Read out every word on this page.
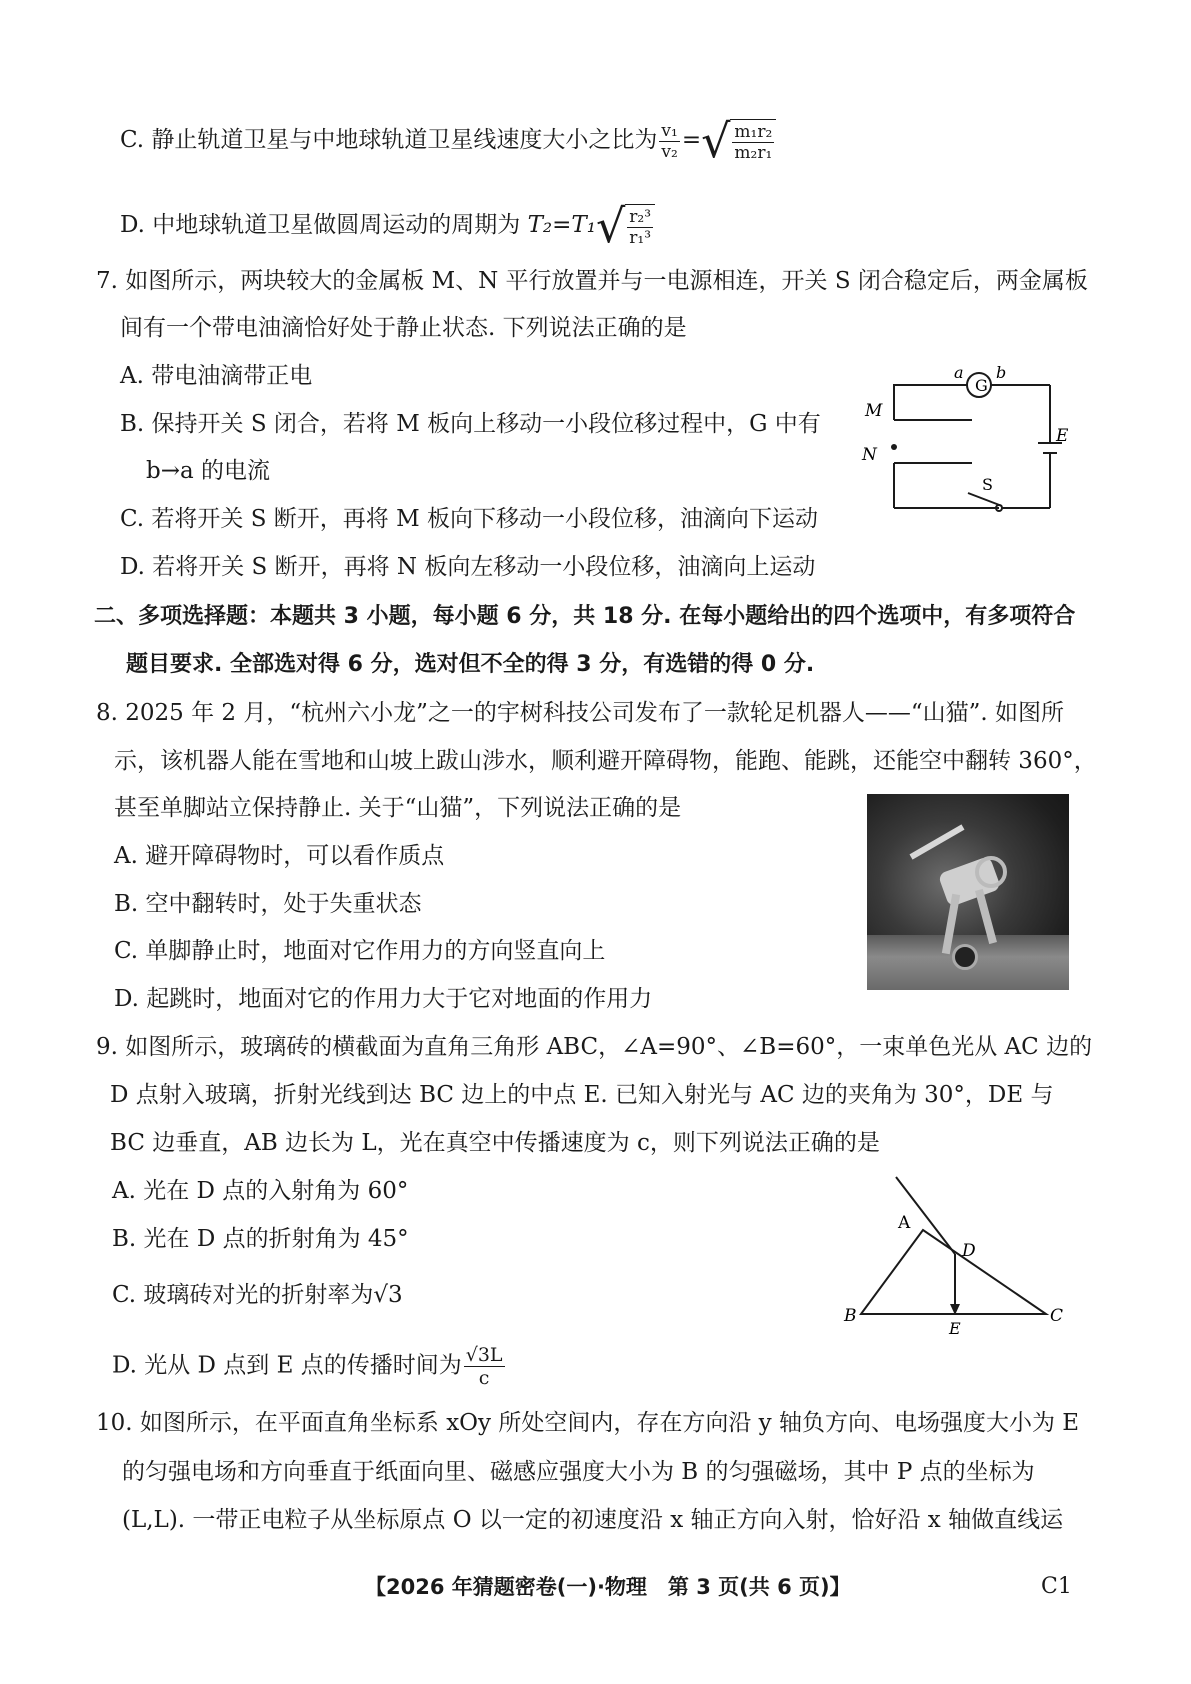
C. 静止轨道卫星与中地球轨道卫星线速度大小之比为 $\frac{\text{v₁}}{\text{v₂}}$ =√ $\frac{\text{m₁r₂}}{\text{m₂r₁}}$
D. 中地球轨道卫星做圆周运动的周期为 $T_2=T_1√ \frac{\text{r₂³}}{\text{r₁³}}$
7. 如图所示，两块较大的金属板 M、N 平行放置并与一电源相连，开关 S 闭合稳定后，两金属板
间有一个带电油滴恰好处于静止状态. 下列说法正确的是
A. 带电油滴带正电
B. 保持开关 S 闭合，若将 M 板向上移动一小段位移过程中，G 中有
b→a 的电流
C. 若将开关 S 断开，再将 M 板向下移动一小段位移，油滴向下运动
D. 若将开关 S 断开，再将 N 板向左移动一小段位移，油滴向上运动
G
a b
M
N
E
S
二、多项选择题：本题共 3 小题，每小题 6 分，共 18 分. 在每小题给出的四个选项中，有多项符合
题目要求. 全部选对得 6 分，选对但不全的得 3 分，有选错的得 0 分.
8. 2025 年 2 月，“杭州六小龙”之一的宇树科技公司发布了一款轮足机器人——“山猫”. 如图所
示，该机器人能在雪地和山坡上跋山涉水，顺利避开障碍物，能跑、能跳，还能空中翻转 360°，
甚至单脚站立保持静止. 关于“山猫”，下列说法正确的是
A. 避开障碍物时，可以看作质点
B. 空中翻转时，处于失重状态
C. 单脚静止时，地面对它作用力的方向竖直向上
D. 起跳时，地面对它的作用力大于它对地面的作用力
9. 如图所示，玻璃砖的横截面为直角三角形 ABC，∠A=90°、∠B=60°，一束单色光从 AC 边的
D 点射入玻璃，折射光线到达 BC 边上的中点 E. 已知入射光与 AC 边的夹角为 30°，DE 与
BC 边垂直，AB 边长为 L，光在真空中传播速度为 c，则下列说法正确的是
A. 光在 D 点的入射角为 60°
B. 光在 D 点的折射角为 45°
C. 玻璃砖对光的折射率为√3
D. 光从 D 点到 E 点的传播时间为 $\frac{√3L}{c}$
A
D
B	C
E
10. 如图所示，在平面直角坐标系 xOy 所处空间内，存在方向沿 y 轴负方向、电场强度大小为 E
的匀强电场和方向垂直于纸面向里、磁感应强度大小为 B 的匀强磁场，其中 P 点的坐标为
(L,L). 一带正电粒子从坐标原点 O 以一定的初速度沿 x 轴正方向入射，恰好沿 x 轴做直线运
【2026 年猜题密卷(一)·物理　第 3 页(共 6 页)】	C1
